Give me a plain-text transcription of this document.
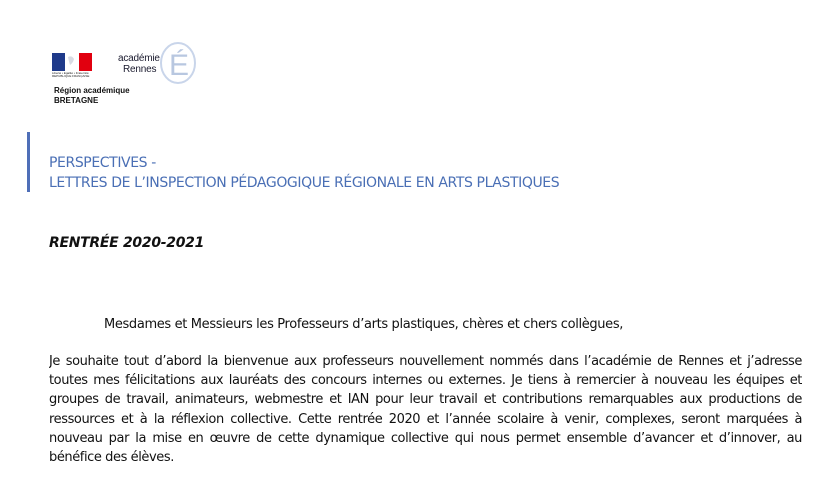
Liberté • Égalité • Fraternité
RÉPUBLIQUE FRANÇAISE
académie
Rennes É
Région académique
BRETAGNE
PERSPECTIVES -
LETTRES DE L’INSPECTION PÉDAGOGIQUE RÉGIONALE EN ARTS PLASTIQUES
RENTRÉE 2020-2021
Mesdames et Messieurs les Professeurs d’arts plastiques, chères et chers collègues,
Je souhaite tout d’abord la bienvenue aux professeurs nouvellement nommés dans l’académie de Rennes et j’adresse
toutes mes félicitations aux lauréats des concours internes ou externes. Je tiens à remercier à nouveau les équipes et
groupes de travail, animateurs, webmestre et IAN pour leur travail et contributions remarquables aux productions de
ressources et à la réflexion collective. Cette rentrée 2020 et l’année scolaire à venir, complexes, seront marquées à
nouveau par la mise en œuvre de cette dynamique collective qui nous permet ensemble d’avancer et d’innover, au
bénéfice des élèves.
